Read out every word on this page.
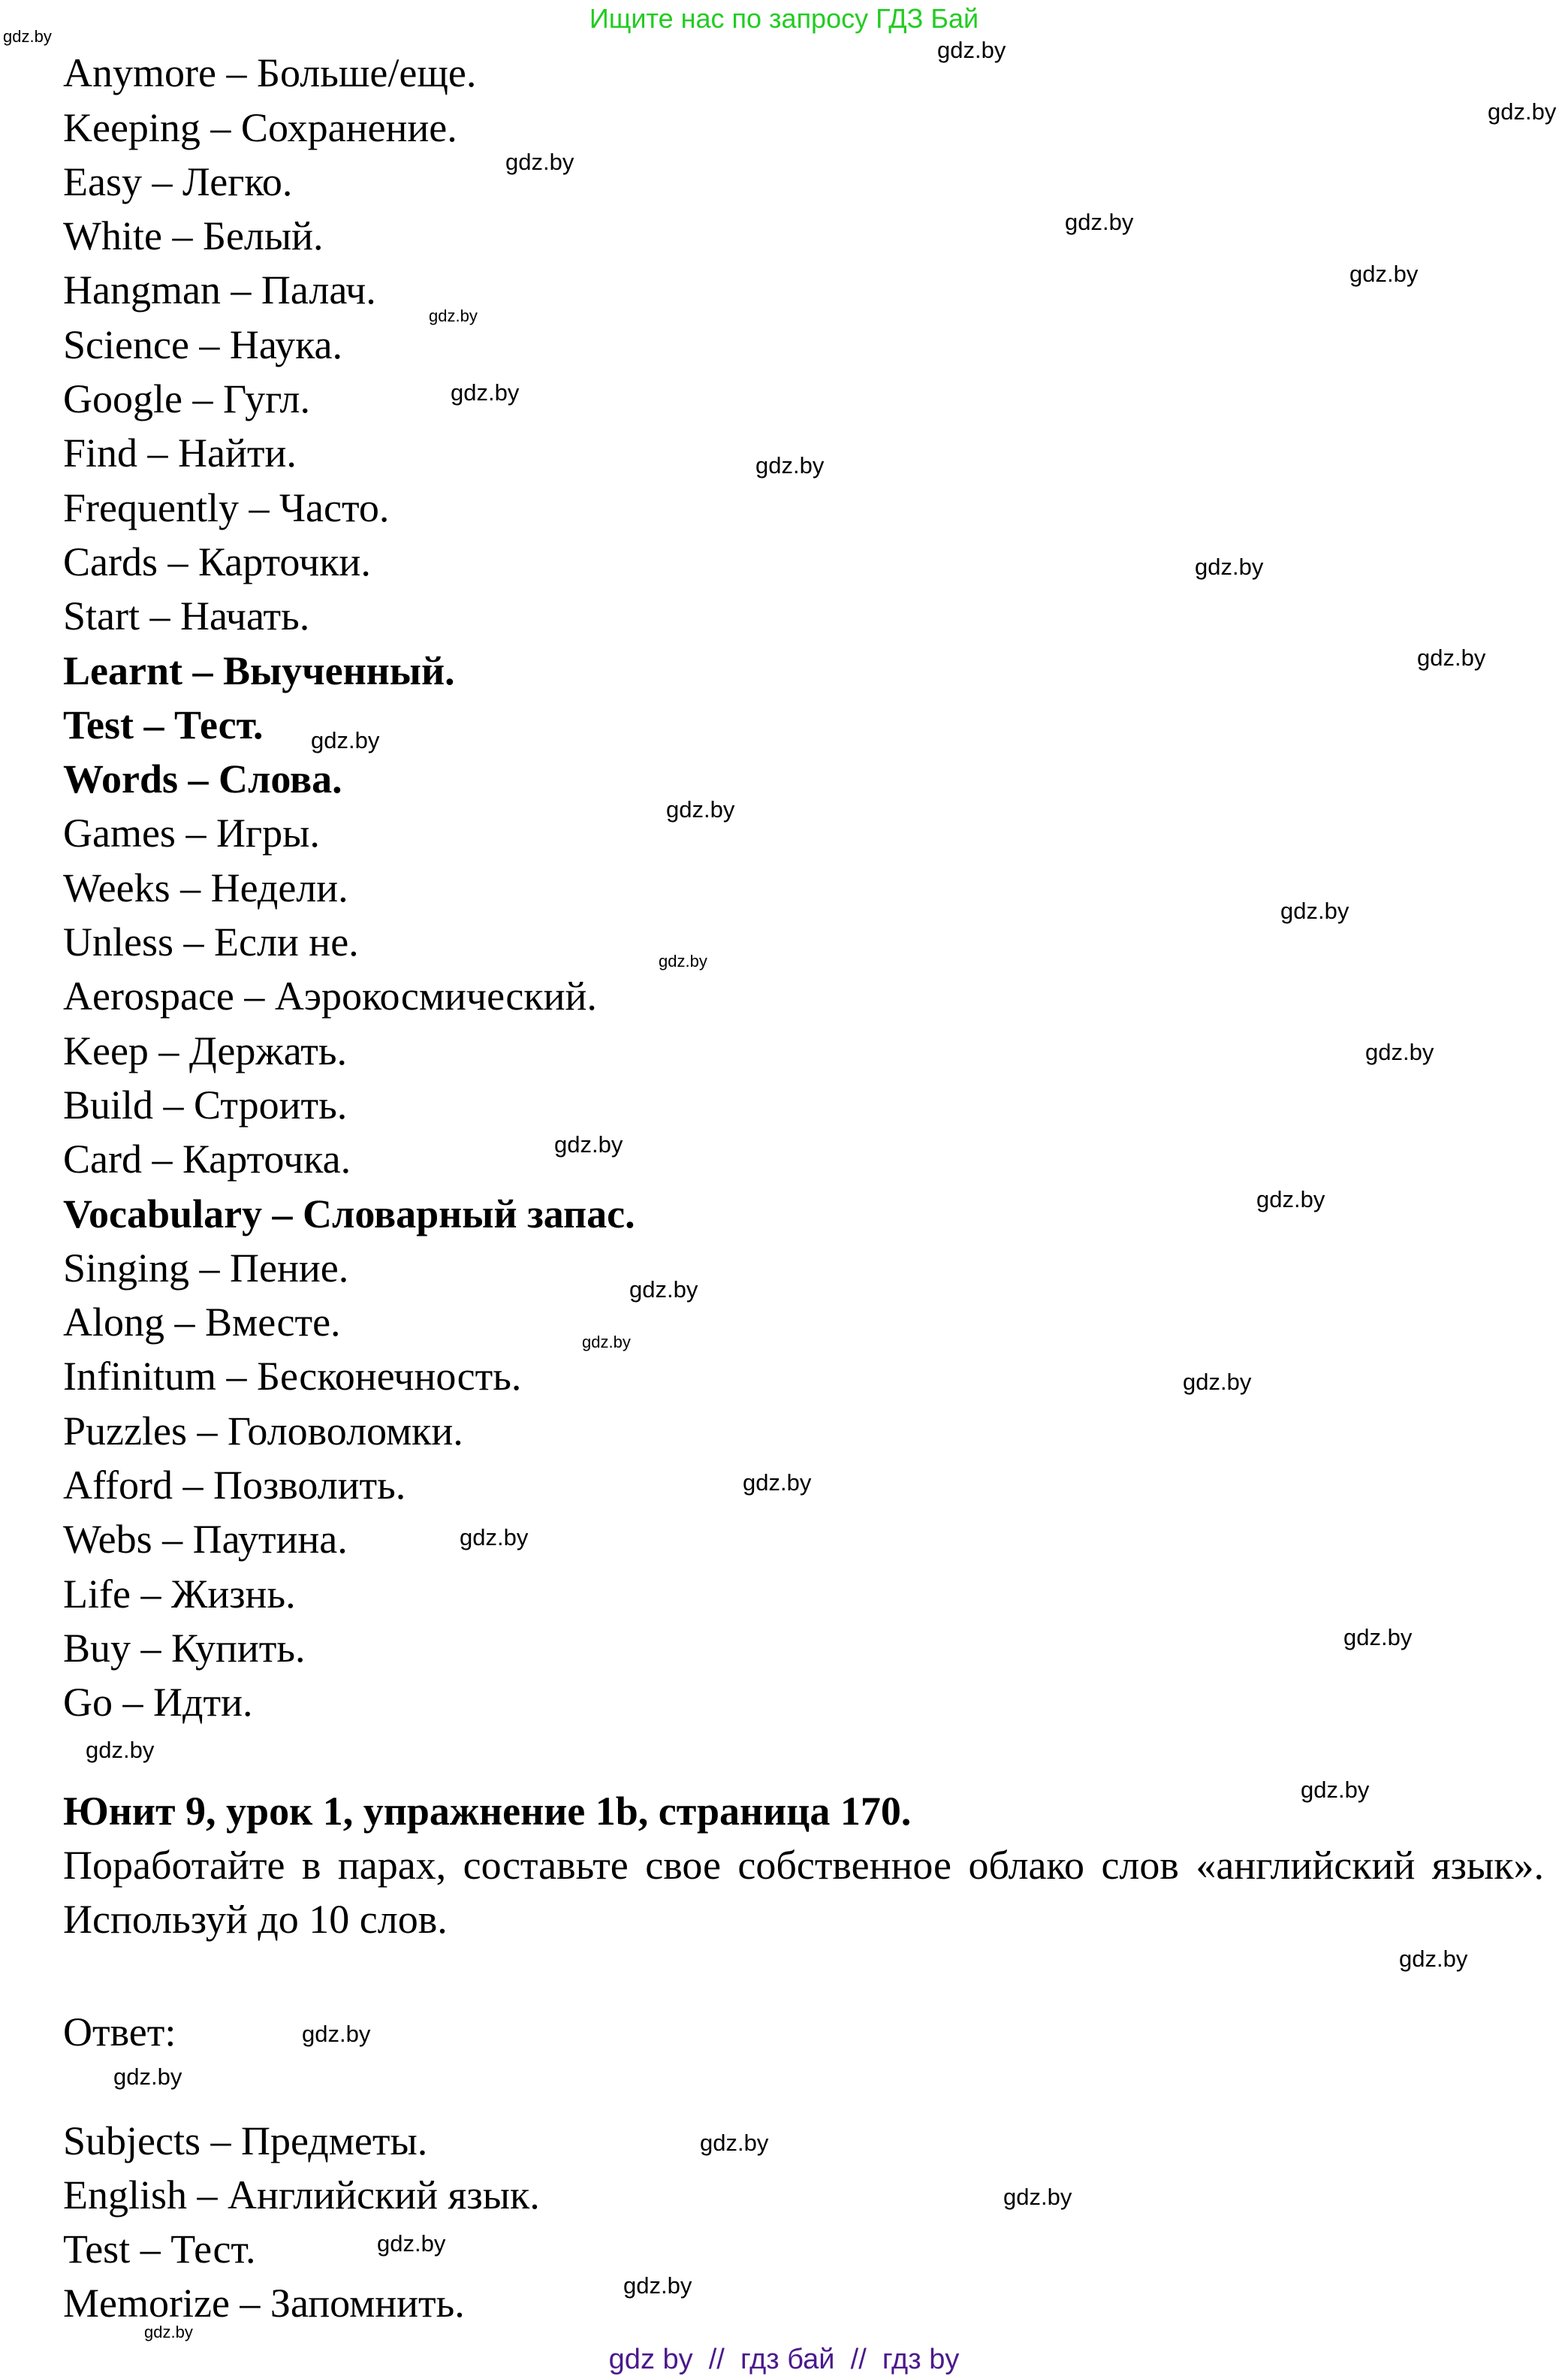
Ищите нас по запросу ГДЗ Бай
Anymore – Больше/еще.
Keeping – Сохранение.
Easy – Легко.
White – Белый.
Hangman – Палач.
Science – Наука.
Google – Гугл.
Find – Найти.
Frequently – Часто.
Cards – Карточки.
Start – Начать.
Learnt – Выученный.
Test – Тест.
Words – Слова.
Games – Игры.
Weeks – Недели.
Unless – Если не.
Aerospace – Аэрокосмический.
Keep – Держать.
Build – Строить.
Card – Карточка.
Vocabulary – Словарный запас.
Singing – Пение.
Along – Вместе.
Infinitum – Бесконечность.
Puzzles – Головоломки.
Afford – Позволить.
Webs – Паутина.
Life – Жизнь.
Buy – Купить.
Go – Идти.
Юнит 9, урок 1, упражнение 1b, страница 170.
Поработайте в парах, составьте свое собственное облако слов «английский язык». Используй до 10 слов.
Ответ:
Subjects – Предметы.
English – Английский язык.
Test – Тест.
Memorize – Запомнить.
gdz.by
gdz.by
gdz.by
gdz.by
gdz.by
gdz.by
gdz.by
gdz.by
gdz.by
gdz.by
gdz.by
gdz.by
gdz.by
gdz.by
gdz.by
gdz.by
gdz.by
gdz.by
gdz.by
gdz.by
gdz.by
gdz.by
gdz.by
gdz.by
gdz.by
gdz.by
gdz.by
gdz.by
gdz.by
gdz.by
gdz.by
gdz.by
gdz.by
gdz.by
gdz by  //  гдз бай  //  гдз by
